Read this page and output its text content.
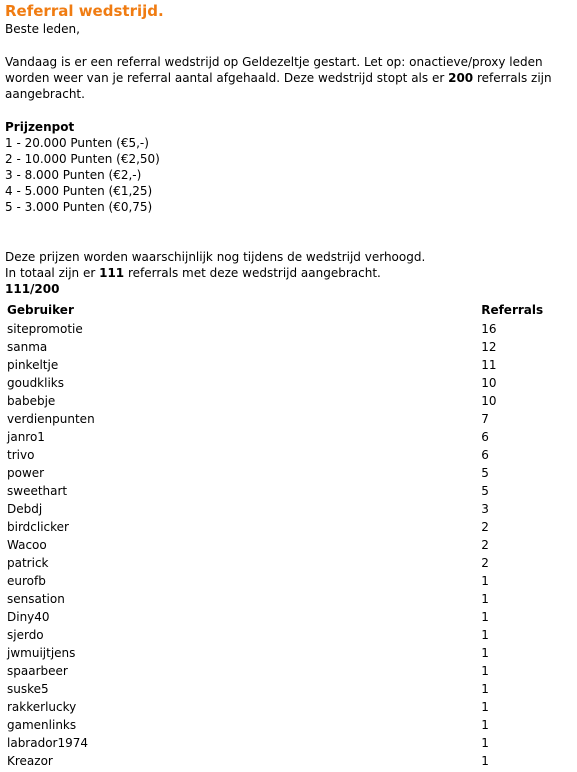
Referral wedstrijd.
Beste leden,
Vandaag is er een referral wedstrijd op Geldezeltje gestart. Let op: onactieve/proxy leden worden weer van je referral aantal afgehaald. Deze wedstrijd stopt als er 200 referrals zijn aangebracht.
Prijzenpot
1 - 20.000 Punten (€5,-)
2 - 10.000 Punten (€2,50)
3 - 8.000 Punten (€2,-)
4 - 5.000 Punten (€1,25)
5 - 3.000 Punten (€0,75)
Deze prijzen worden waarschijnlijk nog tijdens de wedstrijd verhoogd.
In totaal zijn er 111 referrals met deze wedstrijd aangebracht.
111/200
Gebruiker	Referrals
sitepromotie	16
sanma	12
pinkeltje	11
goudkliks	10
babebje	10
verdienpunten	7
janro1	6
trivo	6
power	5
sweethart	5
Debdj	3
birdclicker	2
Wacoo	2
patrick	2
eurofb	1
sensation	1
Diny40	1
sjerdo	1
jwmuijtjens	1
spaarbeer	1
suske5	1
rakkerlucky	1
gamenlinks	1
labrador1974	1
Kreazor	1
